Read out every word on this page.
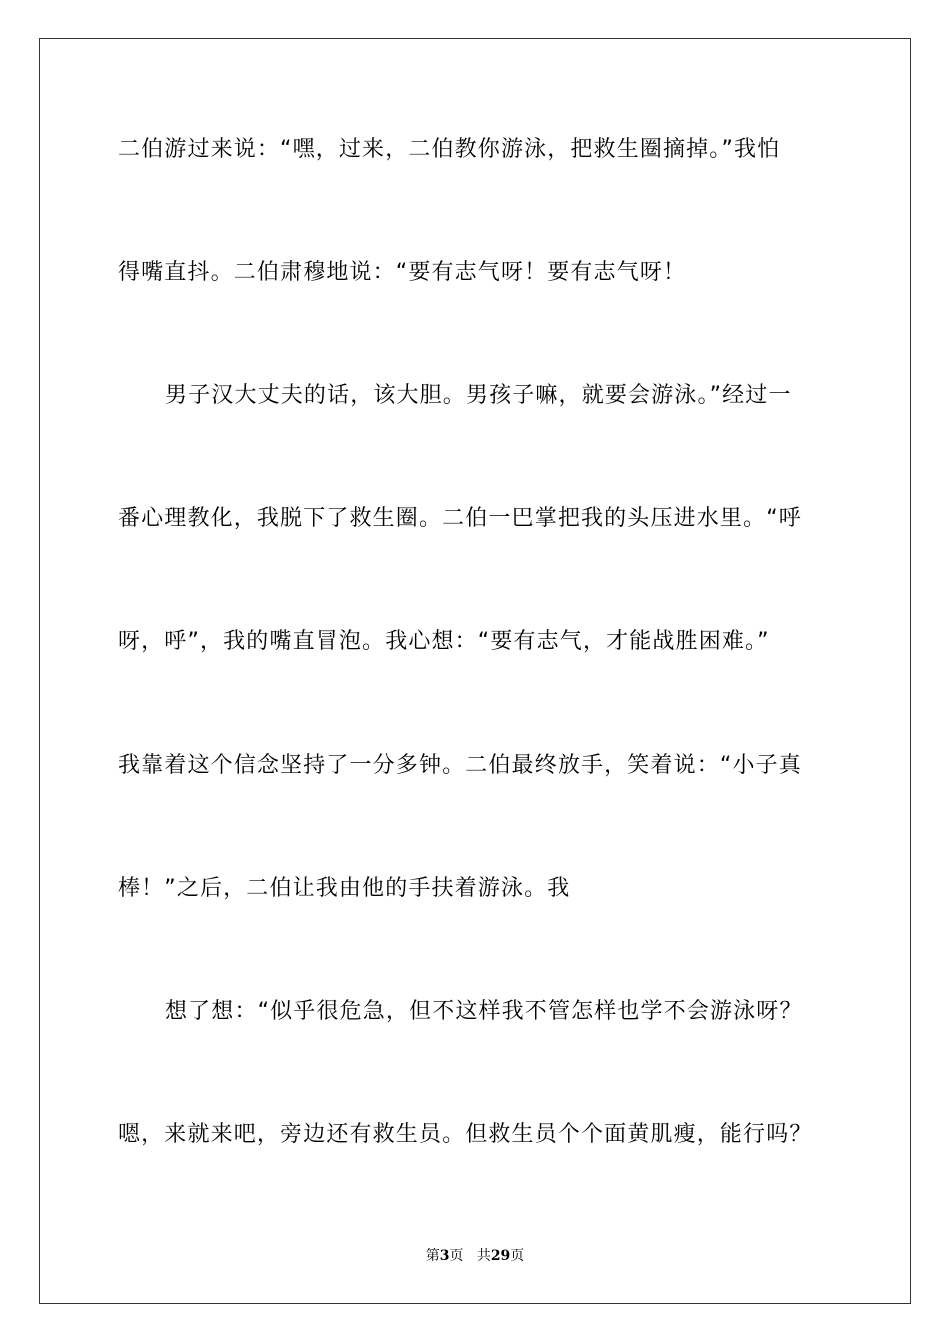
二伯游过来说：“嘿，过来，二伯教你游泳，把救生圈摘掉。”我怕
得嘴直抖。二伯肃穆地说：“要有志气呀！要有志气呀！
男子汉大丈夫的话，该大胆。男孩子嘛，就要会游泳。”经过一
番心理教化，我脱下了救生圈。二伯一巴掌把我的头压进水里。“呼
呀，呼”，我的嘴直冒泡。我心想：“要有志气，才能战胜困难。”
我靠着这个信念坚持了一分多钟。二伯最终放手，笑着说：“小子真
棒！”之后，二伯让我由他的手扶着游泳。我
想了想：“似乎很危急，但不这样我不管怎样也学不会游泳呀？
嗯，来就来吧，旁边还有救生员。但救生员个个面黄肌瘦，能行吗？
第3页 共29页
